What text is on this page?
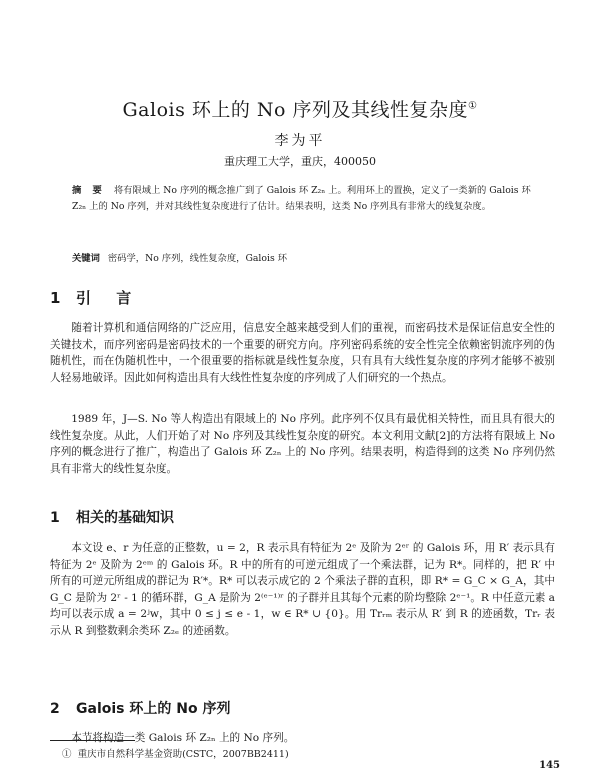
Galois 环上的 No 序列及其线性复杂度①
李为平
重庆理工大学，重庆，400050
摘 要 将有限域上 No 序列的概念推广到了 Galois 环 Z₂ₙ 上。利用环上的置换，定义了一类新的 Galois 环 Z₂ₙ 上的 No 序列，并对其线性复杂度进行了估计。结果表明，这类 No 序列具有非常大的线复杂度。
关键词 密码学，No 序列，线性复杂度，Galois 环
1 引 言

随着计算机和通信网络的广泛应用，信息安全越来越受到人们的重视，而密码技术是保证信息安全性的关键技术，而序列密码是密码技术的一个重要的研究方向。序列密码系统的安全性完全依赖密钥流序列的伪随机性，而在伪随机性中，一个很重要的指标就是线性复杂度，只有具有大线性复杂度的序列才能够不被别人轻易地破译。因此如何构造出具有大线性性复杂度的序列成了人们研究的一个热点。

1989 年，J—S. No 等人构造出有限域上的 No 序列。此序列不仅具有最优相关特性，而且具有很大的线性复杂度。从此，人们开始了对 No 序列及其线性复杂度的研究。本文利用文献[2]的方法将有限域上 No 序列的概念进行了推广，构造出了 Galois 环 Z₂ₙ 上的 No 序列。结果表明，构造得到的这类 No 序列仍然具有非常大的线性复杂度。

1 相关的基础知识

本文设 e、r 为任意的正整数，u = 2，R 表示具有特征为 2ᵉ 及阶为 2ᵉʳ 的 Galois 环，用 R′ 表示具有特征为 2ᵉ 及阶为 2ᵉᵐ 的 Galois 环。R 中的所有的可逆元组成了一个乘法群，记为 R*。同样的，把 R′ 中所有的可逆元所组成的群记为 R′*。R* 可以表示成它的 2 个乘法子群的直积，即 R* = G_C × G_A，其中 G_C 是阶为 2ʳ - 1 的循环群，G_A 是阶为 2⁽ᵉ⁻¹⁾ʳ 的子群并且其每个元素的阶均整除 2ᵉ⁻¹。R 中任意元素 a 均可以表示成 a = 2ʲw，其中 0 ≤ j ≤ e - 1，w ∈ R* ∪ {0}。用 Trᵣₘ 表示从 R′ 到 R 的迹函数，Trᵣ 表示从 R 到整数剩余类环 Z₂ₑ 的迹函数。

2 Galois 环上的 No 序列

本节将构造一类 Galois 环 Z₂ₙ 上的 No 序列。

① 重庆市自然科学基金资助(CSTC，2007BB2411)
145
